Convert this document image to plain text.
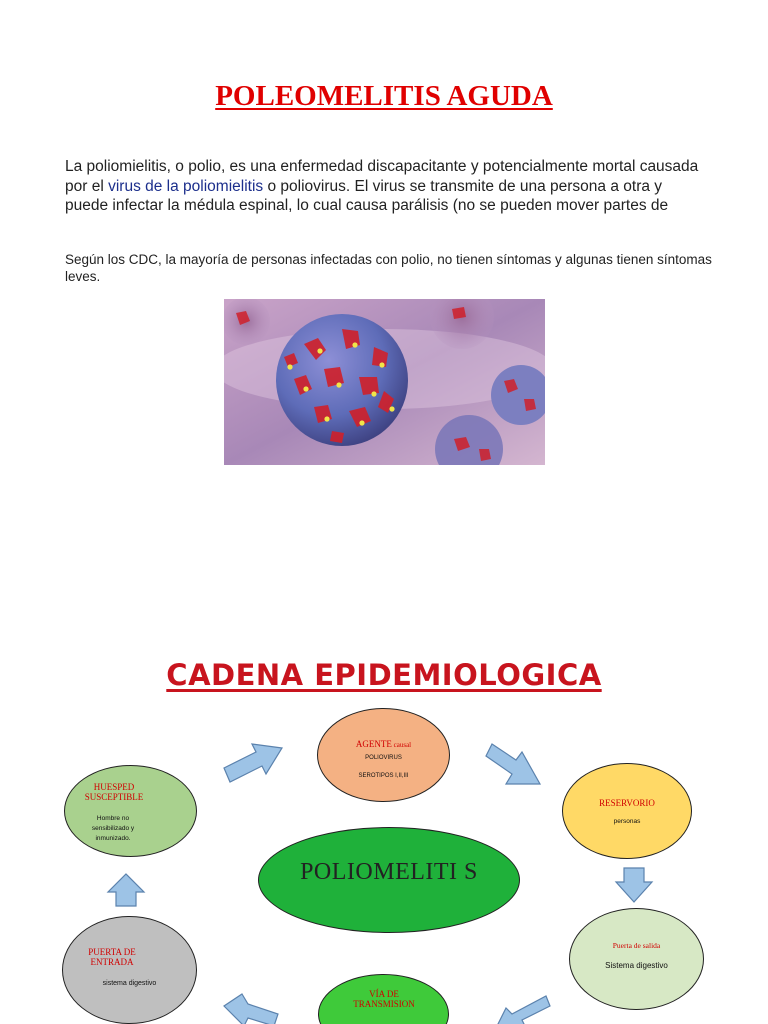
POLEOMELITIS AGUDA

La poliomielitis, o polio, es una enfermedad discapacitante y potencialmente mortal causada por el virus de la poliomielitis o poliovirus. El virus se transmite de una persona a otra y puede infectar la médula espinal, lo cual causa parálisis (no se pueden mover partes de

Según los CDC, la mayoría de personas infectadas con polio, no tienen síntomas y algunas tienen síntomas leves.

CADENA EPIDEMIOLOGICA
AGENTE causal
POLIOVIRUS
SEROTIPOS I,II,III
HUESPED SUSCEPTIBLE
Hombre no sensibilizado y inmunizado.
RESERVORIO
personas
POLIOMELITI S
PUERTA DE ENTRADA
sistema digestivo
Puerta de salida
Sistema digestivo
VÍA DE TRANSMISION
